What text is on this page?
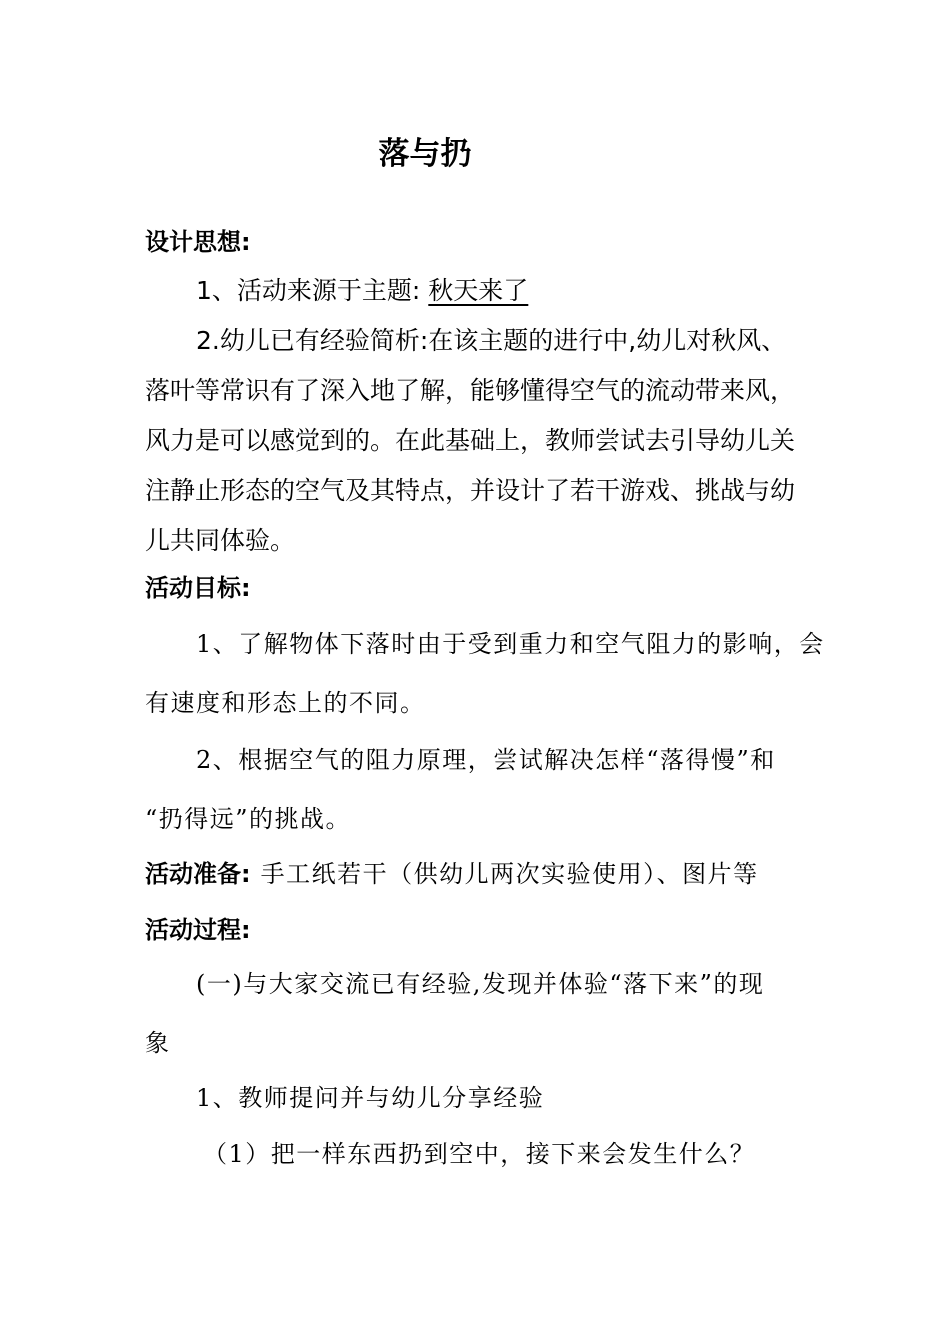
落与扔
设计思想:
1、活动来源于主题: 秋天来了
2.幼儿已有经验简析:在该主题的进行中,幼儿对秋风、
落叶等常识有了深入地了解，能够懂得空气的流动带来风，
风力是可以感觉到的。在此基础上，教师尝试去引导幼儿关
注静止形态的空气及其特点，并设计了若干游戏、挑战与幼
儿共同体验。
活动目标:
1、了解物体下落时由于受到重力和空气阻力的影响，会
有速度和形态上的不同。
2、根据空气的阻力原理，尝试解决怎样“落得慢”和
“扔得远”的挑战。
活动准备: 手工纸若干（供幼儿两次实验使用）、图片等
活动过程:
(一)与大家交流已有经验,发现并体验“落下来”的现
象
1、教师提问并与幼儿分享经验
（1）把一样东西扔到空中，接下来会发生什么？
